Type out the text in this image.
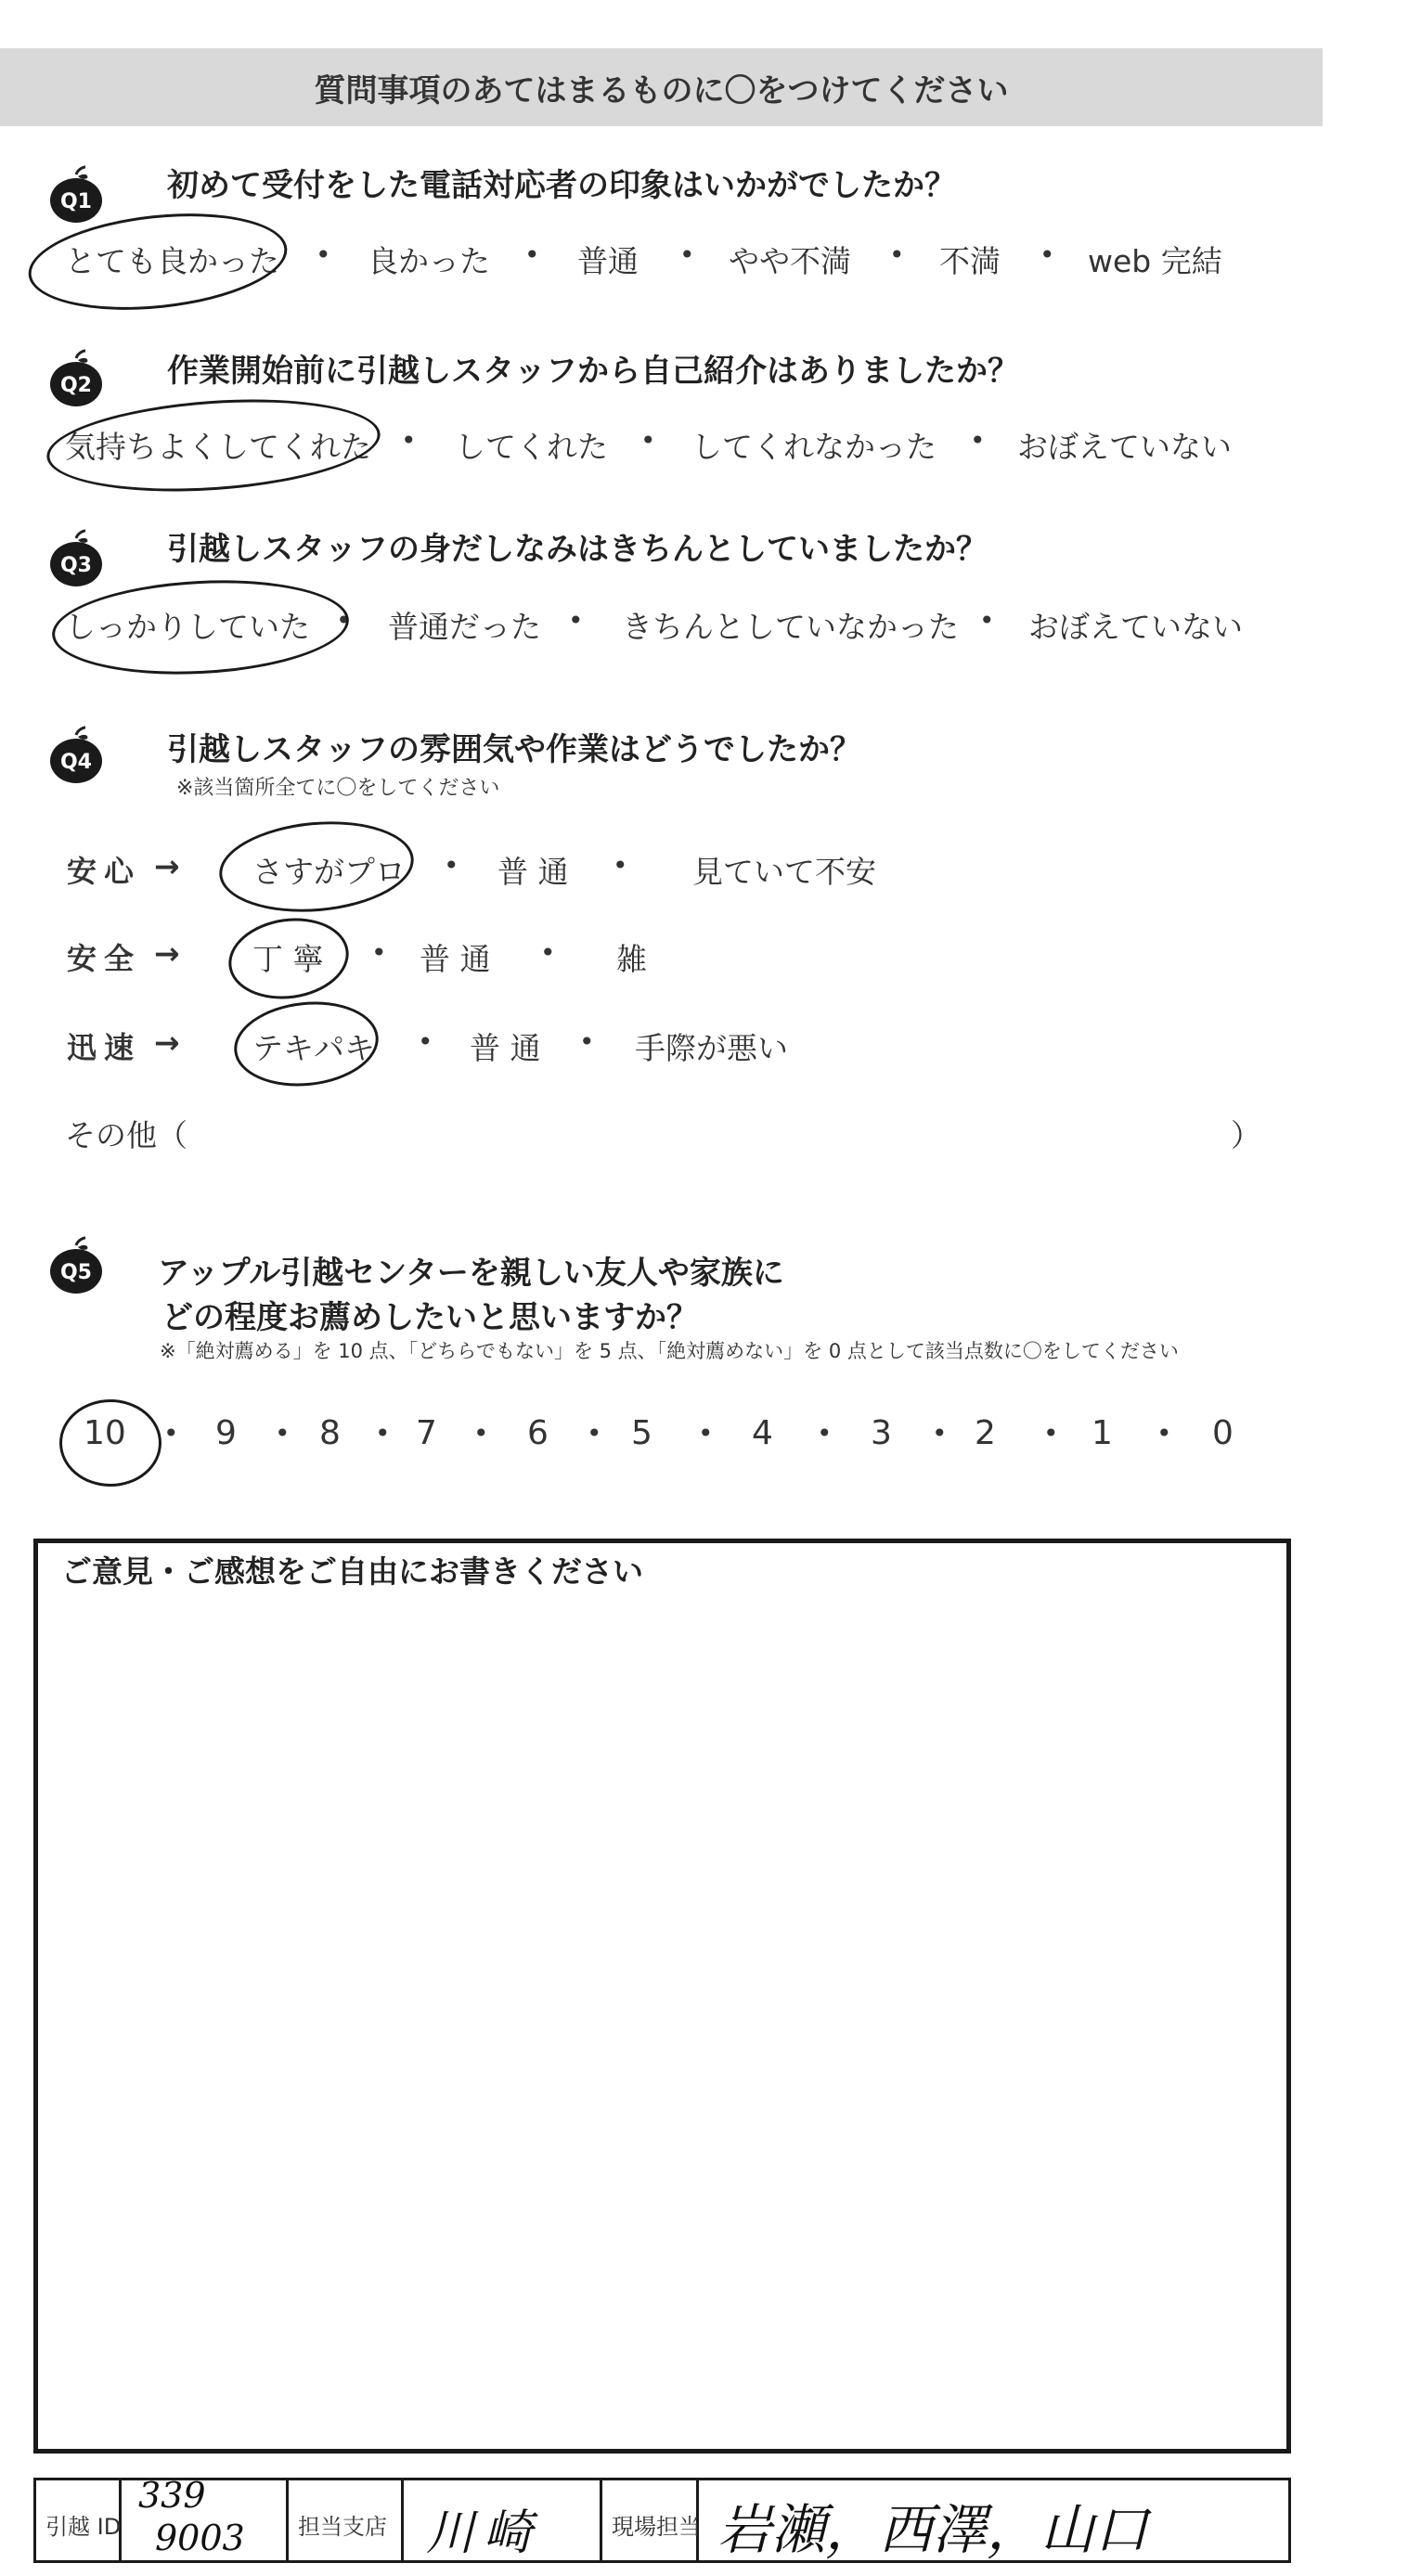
質問事項のあてはまるものに〇をつけてください
Q1 初めて受付をした電話対応者の印象はいかがでしたか？
とても良かった • 良かった • 普通 • やや不満 • 不満 • web 完結
Q2 作業開始前に引越しスタッフから自己紹介はありましたか？
気持ちよくしてくれた • してくれた • してくれなかった • おぼえていない
Q3 引越しスタッフの身だしなみはきちんとしていましたか？
しっかりしていた • 普通だった • きちんとしていなかった • おぼえていない
Q4 引越しスタッフの雰囲気や作業はどうでしたか？
※該当箇所全てに〇をしてください
安心 → さすがプロ • 普 通 • 見ていて不安
安全 → 丁 寧 • 普 通 • 雑
迅速 → テキパキ • 普 通 • 手際が悪い
その他（	）
Q5 アップル引越センターを親しい友人や家族に
どの程度お薦めしたいと思いますか？
※「絶対薦める」を 10 点、「どちらでもない」を 5 点、「絶対薦めない」を 0 点として該当点数に〇をしてください
10 • 9 • 8 • 7 • 6 • 5 • 4 • 3 • 2 • 1 • 0
ご意見・ご感想をご自由にお書きください
引越 ID
339
9003 担当支店 川崎	現場担当 岩瀬，西澤，山口
